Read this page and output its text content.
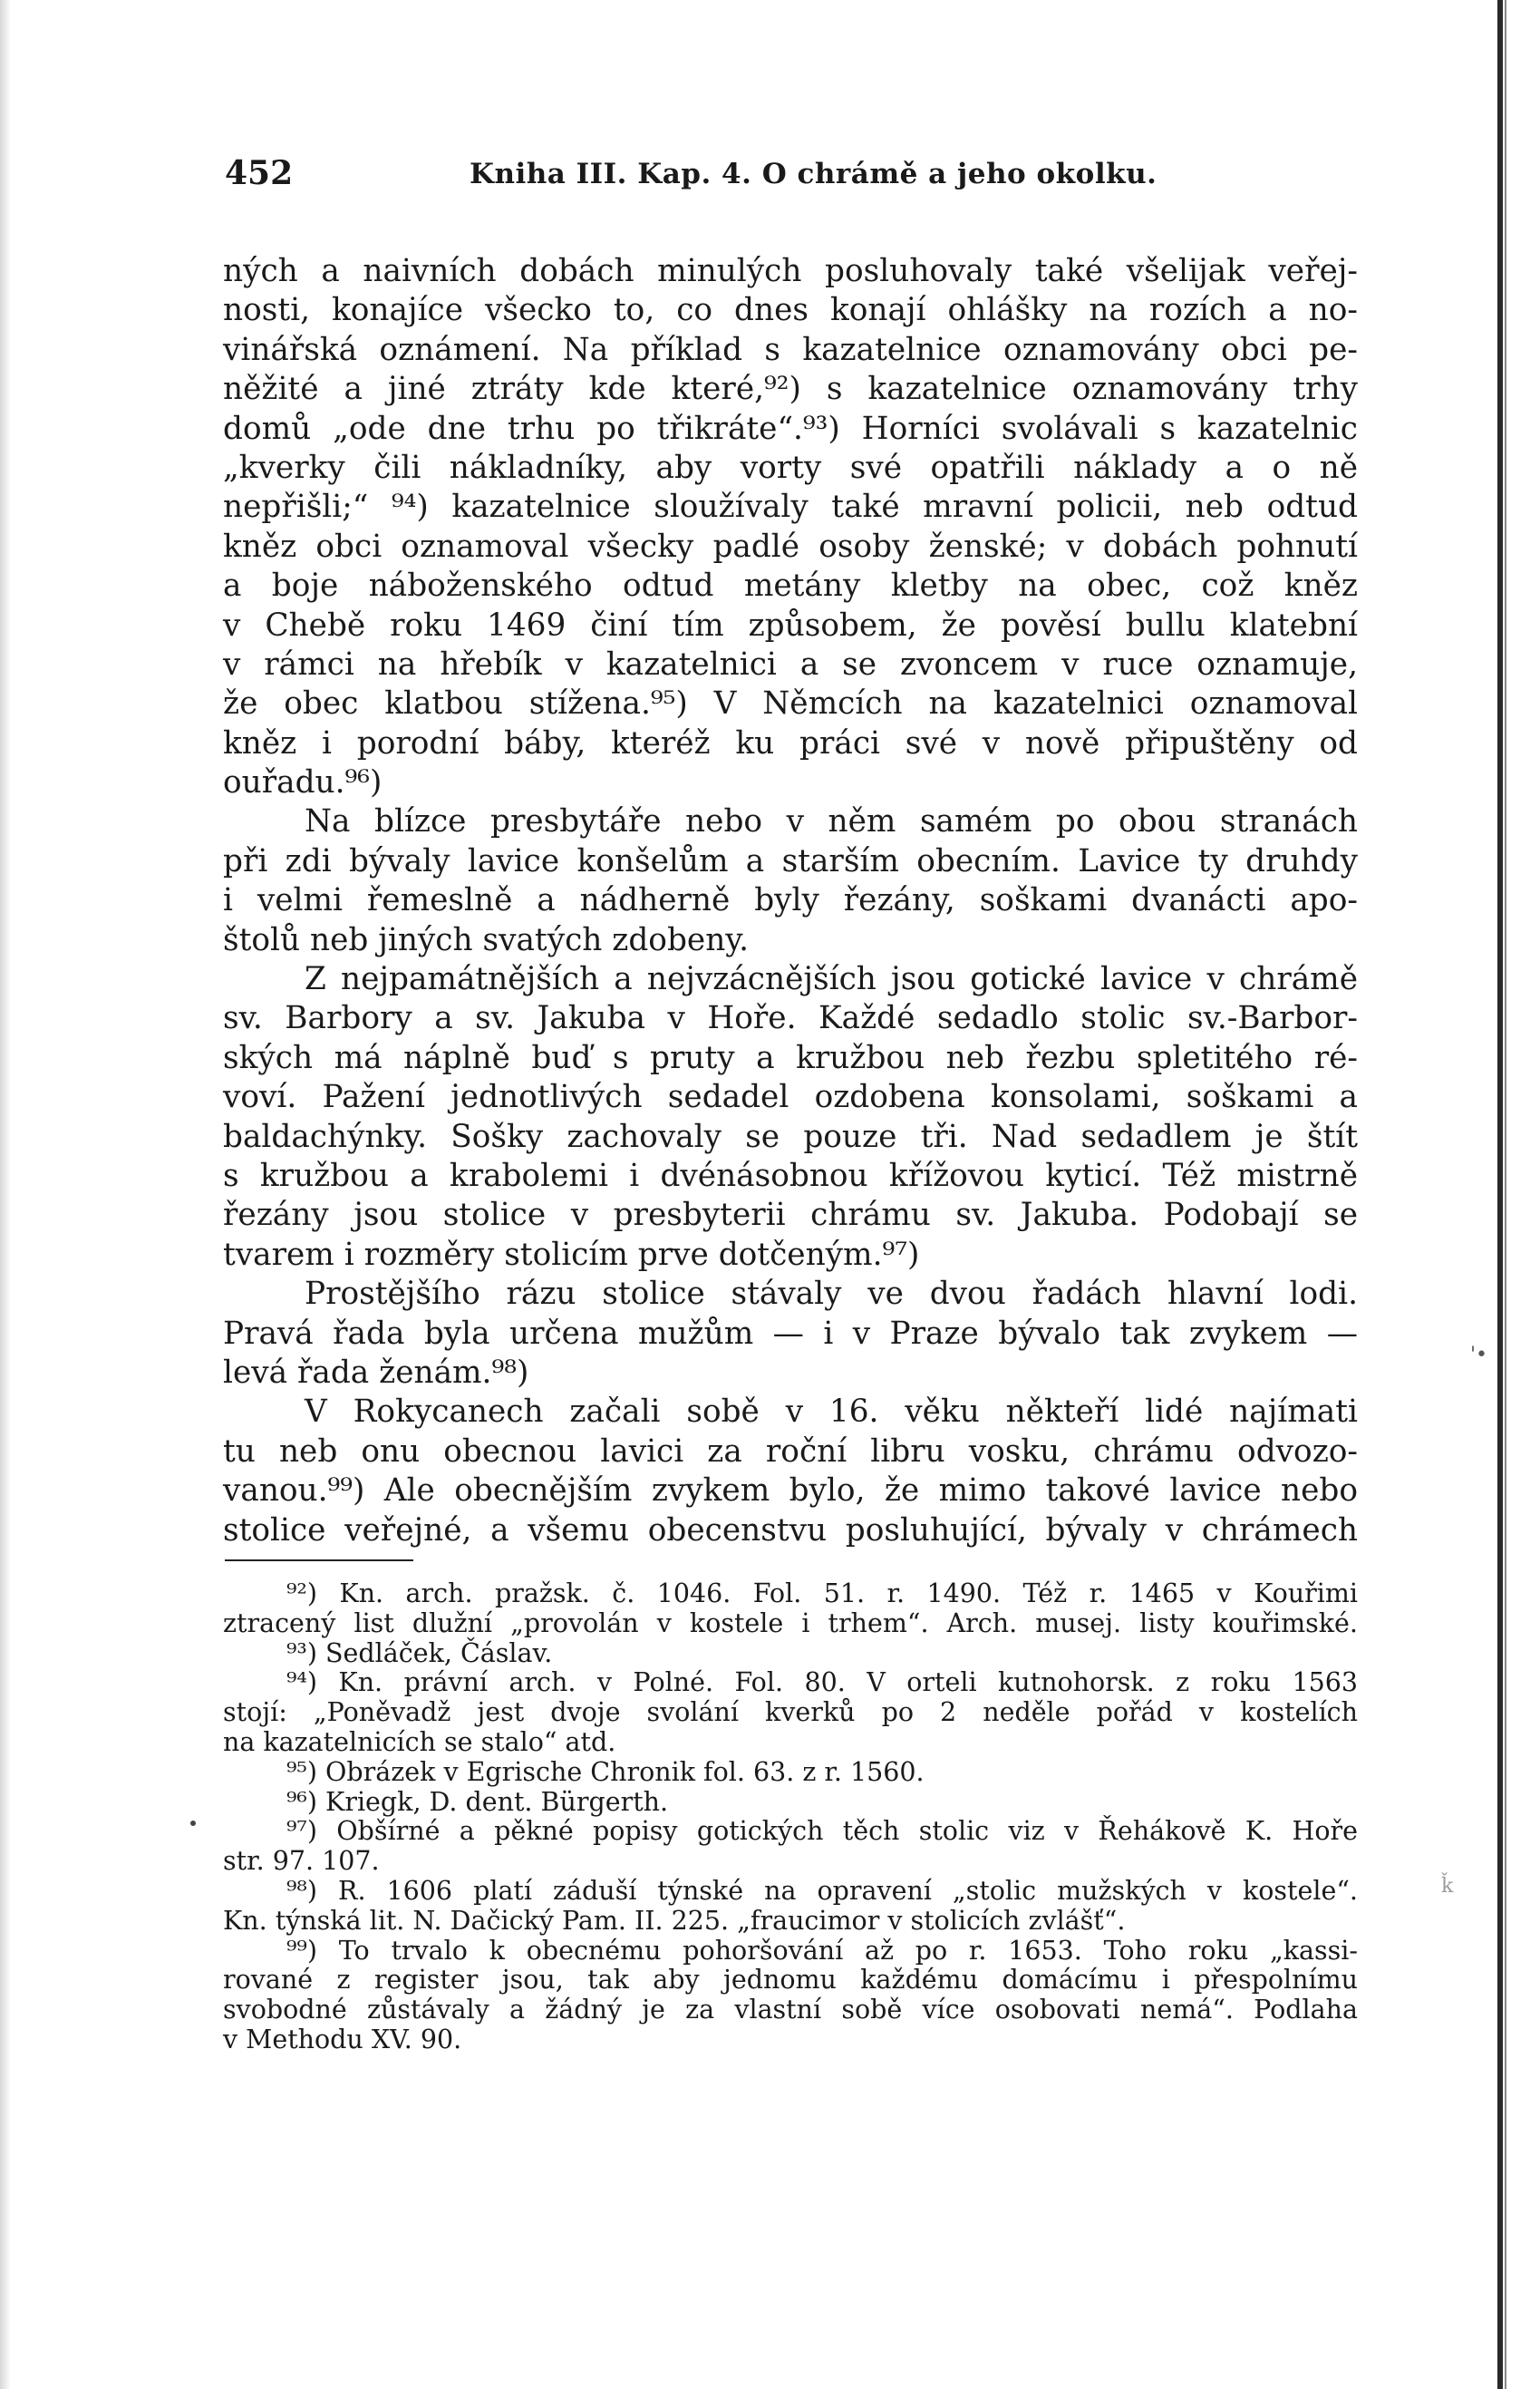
452	Kniha III. Kap. 4. O chrámě a jeho okolku.
ných a naivních dobách minulých posluhovaly také všelijak veřej-
nosti, konajíce všecko to, co dnes konají ohlášky na rozích a no-
vinářská oznámení. Na příklad s kazatelnice oznamovány obci pe-
něžité a jiné ztráty kde které,⁹²) s kazatelnice oznamovány trhy
domů „ode dne trhu po třikráte“.⁹³) Horníci svolávali s kazatelnic
„kverky čili nákladníky, aby vorty své opatřili náklady a o ně
nepřišli;“ ⁹⁴) kazatelnice sloužívaly také mravní policii, neb odtud
kněz obci oznamoval všecky padlé osoby ženské; v dobách pohnutí
a boje náboženského odtud metány kletby na obec, což kněz
v Chebě roku 1469 činí tím způsobem, že pověsí bullu klatební
v rámci na hřebík v kazatelnici a se zvoncem v ruce oznamuje,
že obec klatbou stížena.⁹⁵) V Němcích na kazatelnici oznamoval
kněz i porodní báby, kteréž ku práci své v nově připuštěny od
ouřadu.⁹⁶)
Na blízce presbytáře nebo v něm samém po obou stranách
při zdi bývaly lavice konšelům a starším obecním. Lavice ty druhdy
i velmi řemeslně a nádherně byly řezány, soškami dvanácti apo-
štolů neb jiných svatých zdobeny.
Z nejpamátnějších a nejvzácnějších jsou gotické lavice v chrámě
sv. Barbory a sv. Jakuba v Hoře. Každé sedadlo stolic sv.-Barbor-
ských má náplně buď s pruty a kružbou neb řezbu spletitého ré-
voví. Pažení jednotlivých sedadel ozdobena konsolami, soškami a
baldachýnky. Sošky zachovaly se pouze tři. Nad sedadlem je štít
s kružbou a krabolemi i dvénásobnou křížovou kyticí. Též mistrně
řezány jsou stolice v presbyterii chrámu sv. Jakuba. Podobají se
tvarem i rozměry stolicím prve dotčeným.⁹⁷)
Prostějšího rázu stolice stávaly ve dvou řadách hlavní lodi.
Pravá řada byla určena mužům — i v Praze bývalo tak zvykem —
levá řada ženám.⁹⁸)
V Rokycanech začali sobě v 16. věku někteří lidé najímati
tu neb onu obecnou lavici za roční libru vosku, chrámu odvozo-
vanou.⁹⁹) Ale obecnějším zvykem bylo, že mimo takové lavice nebo
stolice veřejné, a všemu obecenstvu posluhující, bývaly v chrámech
⁹²) Kn. arch. pražsk. č. 1046. Fol. 51. r. 1490. Též r. 1465 v Kouřimi
ztracený list dlužní „provolán v kostele i trhem“. Arch. musej. listy kouřimské.
⁹³) Sedláček, Čáslav.
⁹⁴) Kn. právní arch. v Polné. Fol. 80. V orteli kutnohorsk. z roku 1563
stojí: „Poněvadž jest dvoje svolání kverků po 2 neděle pořád v kostelích
na kazatelnicích se stalo“ atd.
⁹⁵) Obrázek v Egrische Chronik fol. 63. z r. 1560.
⁹⁶) Kriegk, D. dent. Bürgerth.
⁹⁷) Obšírné a pěkné popisy gotických těch stolic viz v Řehákově K. Hoře
str. 97. 107.
⁹⁸) R. 1606 platí záduší týnské na opravení „stolic mužských v kostele“.
Kn. týnská lit. N. Dačický Pam. II. 225. „fraucimor v stolicích zvlášť“.
⁹⁹) To trvalo k obecnému pohoršování až po r. 1653. Toho roku „kassi-
rované z register jsou, tak aby jednomu každému domácímu i přespolnímu
svobodné zůstávaly a žádný je za vlastní sobě více osobovati nemá“. Podlaha
v Methodu XV. 90.
'•
ǩ
